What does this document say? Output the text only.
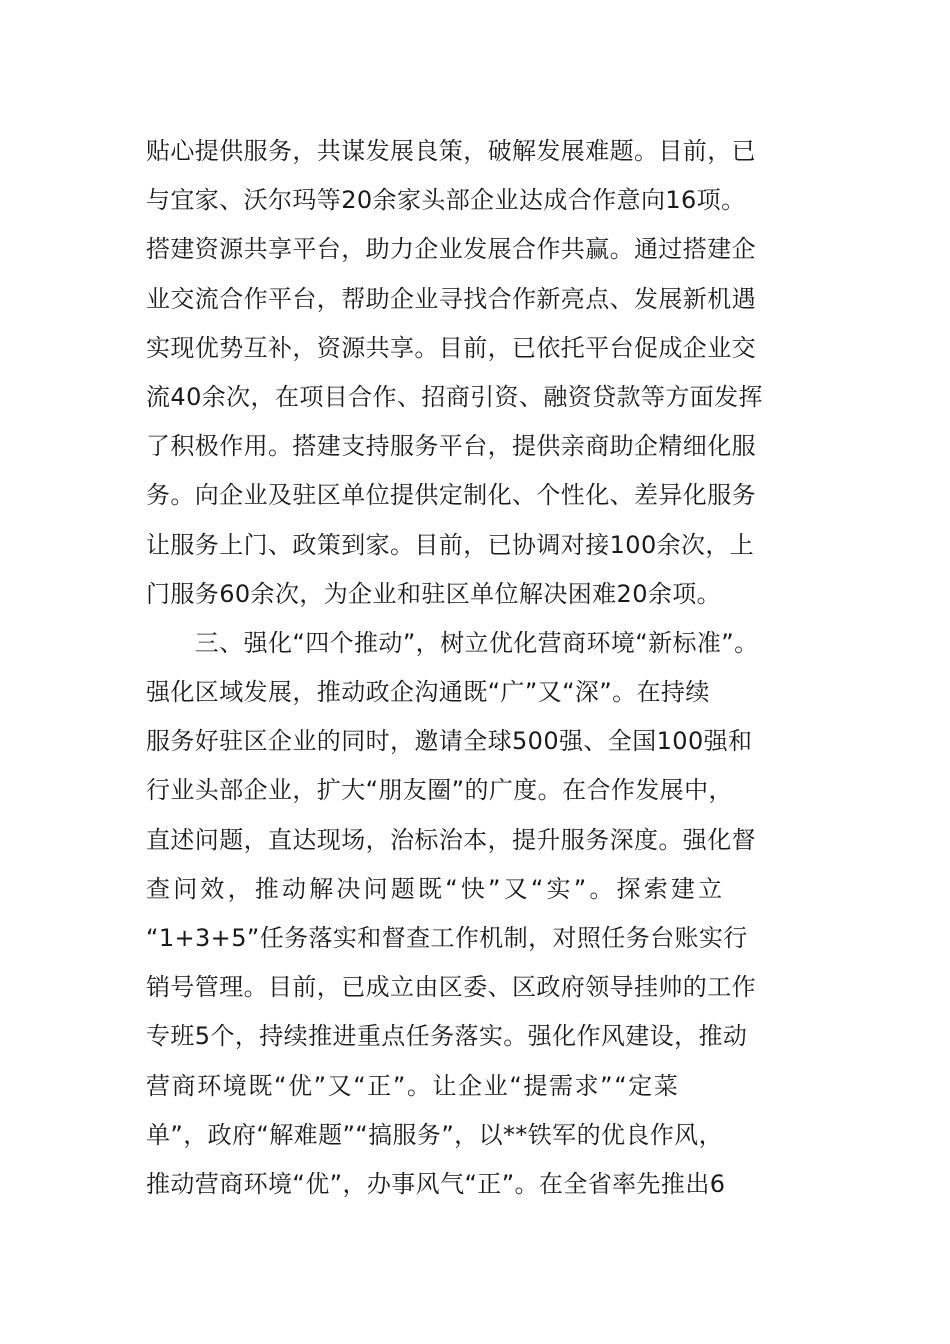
贴心提供服务，共谋发展良策，破解发展难题。目前，已
与宜家、沃尔玛等20余家头部企业达成合作意向16项。
搭建资源共享平台，助力企业发展合作共赢。通过搭建企
业交流合作平台，帮助企业寻找合作新亮点、发展新机遇
实现优势互补，资源共享。目前，已依托平台促成企业交
流40余次，在项目合作、招商引资、融资贷款等方面发挥
了积极作用。搭建支持服务平台，提供亲商助企精细化服
务。向企业及驻区单位提供定制化、个性化、差异化服务
让服务上门、政策到家。目前，已协调对接100余次，上
门服务60余次，为企业和驻区单位解决困难20余项。
　　三、强化“四个推动”，树立优化营商环境“新标准”。
强化区域发展，推动政企沟通既“广”又“深”。在持续
服务好驻区企业的同时，邀请全球500强、全国100强和
行业头部企业，扩大“朋友圈”的广度。在合作发展中，
直述问题，直达现场，治标治本，提升服务深度。强化督
查问效，推动解决问题既“快”又“实”。探索建立
“1+3+5”任务落实和督查工作机制，对照任务台账实行
销号管理。目前，已成立由区委、区政府领导挂帅的工作
专班5个，持续推进重点任务落实。强化作风建设，推动
营商环境既“优”又“正”。让企业“提需求”“定菜
单”，政府“解难题”“搞服务”，以**铁军的优良作风，
推动营商环境“优”，办事风气“正”。在全省率先推出6
